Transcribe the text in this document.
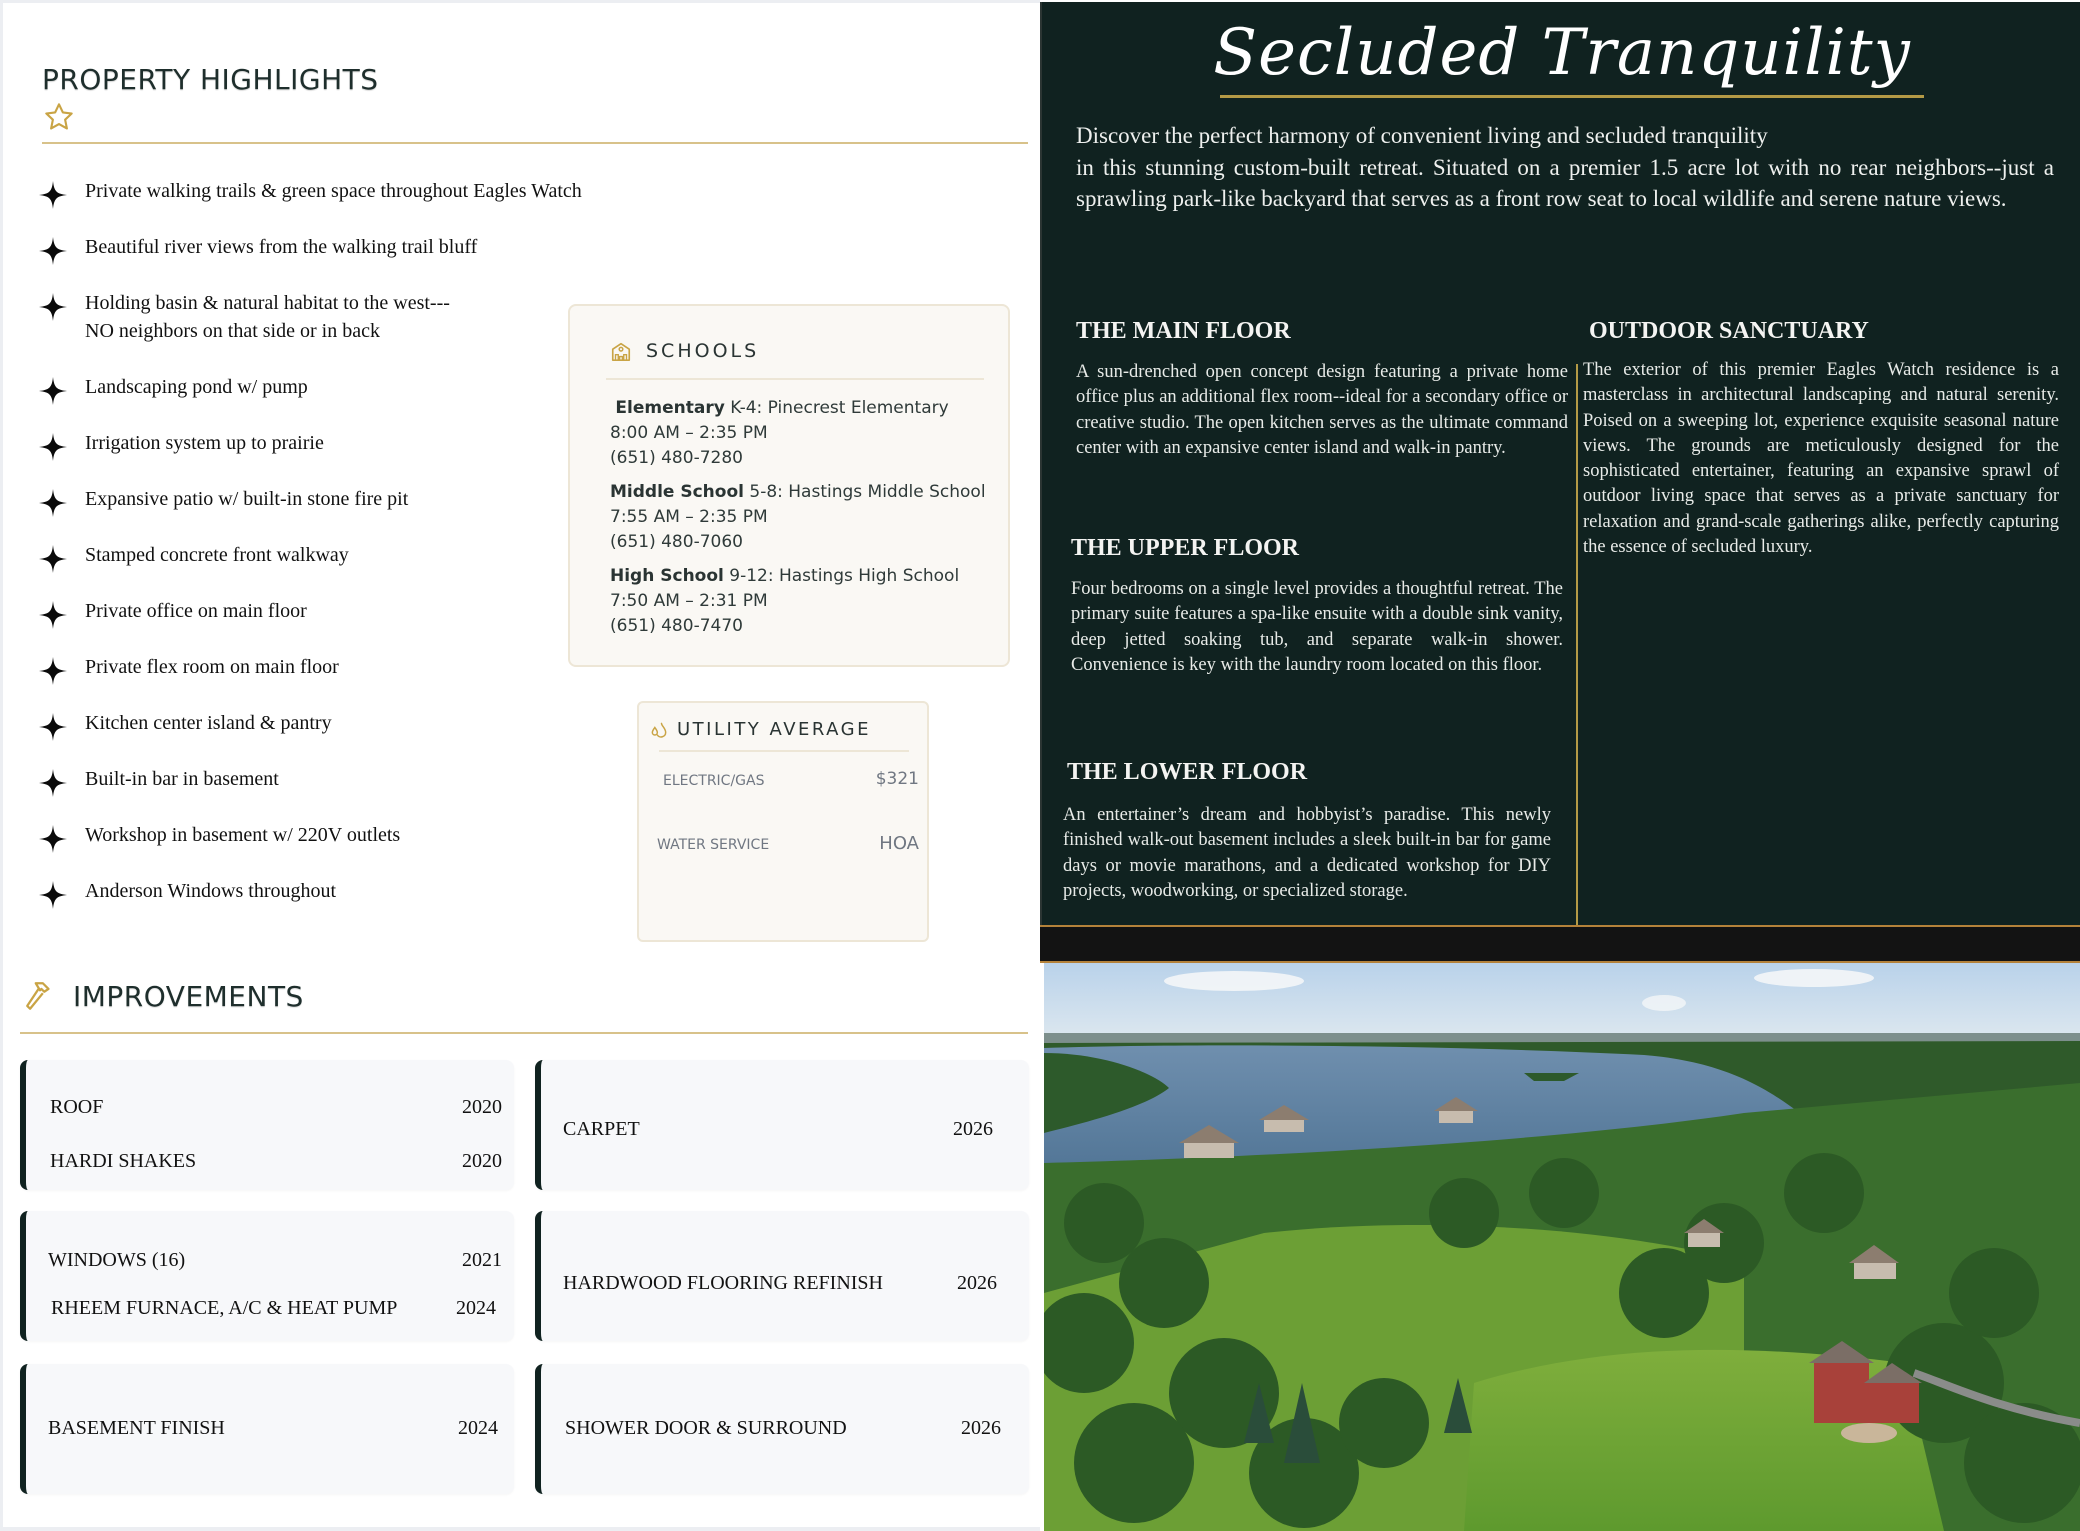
PROPERTY HIGHLIGHTS
Private walking trails & green space throughout Eagles Watch
Beautiful river views from the walking trail bluff
Holding basin & natural habitat to the west---
NO neighbors on that side or in back
Landscaping pond w/ pump
Irrigation system up to prairie
Expansive patio w/ built-in stone fire pit
Stamped concrete front walkway
Private office on main floor
Private flex room on main floor
Kitchen center island & pantry
Built-in bar in basement
Workshop in basement w/ 220V outlets
Anderson Windows throughout
SCHOOLS
Elementary K-4: Pinecrest Elementary
8:00 AM – 2:35 PM
(651) 480-7280
Middle School 5-8: Hastings Middle School
7:55 AM – 2:35 PM
(651) 480-7060
High School 9-12: Hastings High School
7:50 AM – 2:31 PM
(651) 480-7470
UTILITY AVERAGE
ELECTRIC/GAS	$321
WATER SERVICE	HOA
IMPROVEMENTS
ROOF	2020
HARDI SHAKES	2020
CARPET	2026
WINDOWS (16)	2021
RHEEM FURNACE, A/C & HEAT PUMP	2024
HARDWOOD FLOORING REFINISH	2026
BASEMENT FINISH	2024	SHOWER DOOR & SURROUND	2026
Secluded Tranquility

Discover the perfect harmony of convenient living and secluded tranquility
in this stunning custom-built retreat. Situated on a premier 1.5 acre lot with no rear neighbors--just a sprawling park-like backyard that serves as a front row seat to local wildlife and serene nature views.

THE MAIN FLOOR

A sun-drenched open concept design featuring a private home office plus an additional flex room--ideal for a secondary office or creative studio. The open kitchen serves as the ultimate command center with an expansive center island and walk-in pantry.

THE UPPER FLOOR

Four bedrooms on a single level provides a thoughtful retreat. The primary suite features a spa-like ensuite with a double sink vanity, deep jetted soaking tub, and separate walk-in shower. Convenience is key with the laundry room located on this floor.

THE LOWER FLOOR

An entertainer’s dream and hobbyist’s paradise. This newly finished walk-out basement includes a sleek built-in bar for game days or movie marathons, and a dedicated workshop for DIY projects, woodworking, or specialized storage.

OUTDOOR SANCTUARY

The exterior of this premier Eagles Watch residence is a masterclass in architectural landscaping and natural serenity. Poised on a sweeping lot, experience exquisite seasonal nature views. The grounds are meticulously designed for the sophisticated entertainer, featuring an expansive sprawl of outdoor living space that serves as a private sanctuary for relaxation and grand-scale gatherings alike, perfectly capturing the essence of secluded luxury.
